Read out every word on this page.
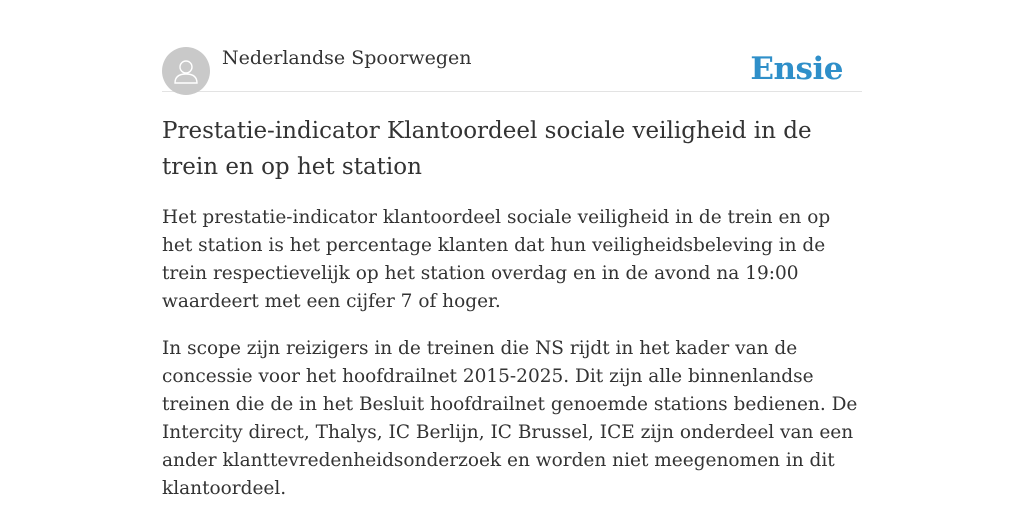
Nederlandse Spoorwegen	Ensie
Prestatie-indicator Klantoordeel sociale veiligheid in de trein en op het station

Het prestatie-indicator klantoordeel sociale veiligheid in de trein en op het station is het percentage klanten dat hun veiligheidsbeleving in de trein respectievelijk op het station overdag en in de avond na 19:00 waardeert met een cijfer 7 of hoger.

In scope zijn reizigers in de treinen die NS rijdt in het kader van de concessie voor het hoofdrailnet 2015-2025. Dit zijn alle binnenlandse treinen die de in het Besluit hoofdrailnet genoemde stations bedienen. De Intercity direct, Thalys, IC Berlijn, IC Brussel, ICE zijn onderdeel van een ander klanttevredenheidsonderzoek en worden niet meegenomen in dit klantoordeel.
